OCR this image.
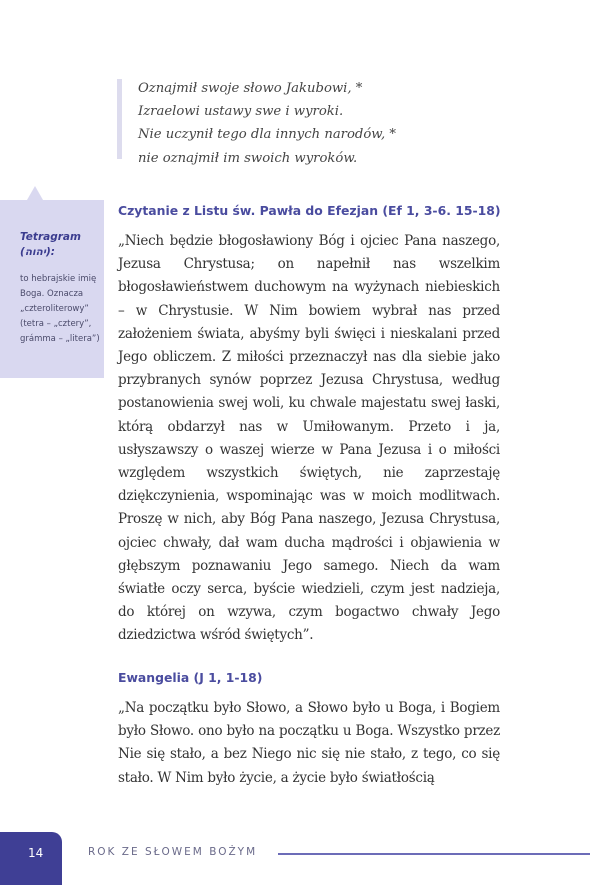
Oznajmił swoje słowo Jakubowi, *
Izraelowi ustawy swe i wyroki.
Nie uczynił tego dla innych narodów, *
nie oznajmił im swoich wyroków.
Tetragram (יהוה):
to hebrajskie imię Boga. Oznacza „czteroliterowy” (tetra – „cztery”, grámma – „litera”)
Czytanie z Listu św. Pawła do Efezjan (Ef 1, 3-6. 15-18)

„Niech będzie błogosławiony Bóg i ojciec Pana naszego, Jezusa Chrystusa; on napełnił nas wszelkim błogosławieństwem duchowym na wyżynach niebieskich – w Chrystusie. W Nim bowiem wybrał nas przed założeniem świata, abyśmy byli święci i nieskalani przed Jego obliczem. Z miłości przeznaczył nas dla siebie jako przybranych synów poprzez Jezusa Chrystusa, według postanowienia swej woli, ku chwale majestatu swej łaski, którą obdarzył nas w Umiłowanym. Przeto i ja, usłyszawszy o waszej wierze w Pana Jezusa i o miłości względem wszystkich świętych, nie zaprzestaję dziękczynienia, wspominając was w moich modlitwach. Proszę w nich, aby Bóg Pana naszego, Jezusa Chrystusa, ojciec chwały, dał wam ducha mądrości i objawienia w głębszym poznawaniu Jego samego. Niech da wam światłe oczy serca, byście wiedzieli, czym jest nadzieja, do której on wzywa, czym bogactwo chwały Jego dziedzictwa wśród świętych”.

Ewangelia (J 1, 1-18)

„Na początku było Słowo, a Słowo było u Boga, i Bogiem było Słowo. ono było na początku u Boga. Wszystko przez Nie się stało, a bez Niego nic się nie stało, z tego, co się stało. W Nim było życie, a życie było światłością

14	ROK ZE SŁOWEM BOŻYM
